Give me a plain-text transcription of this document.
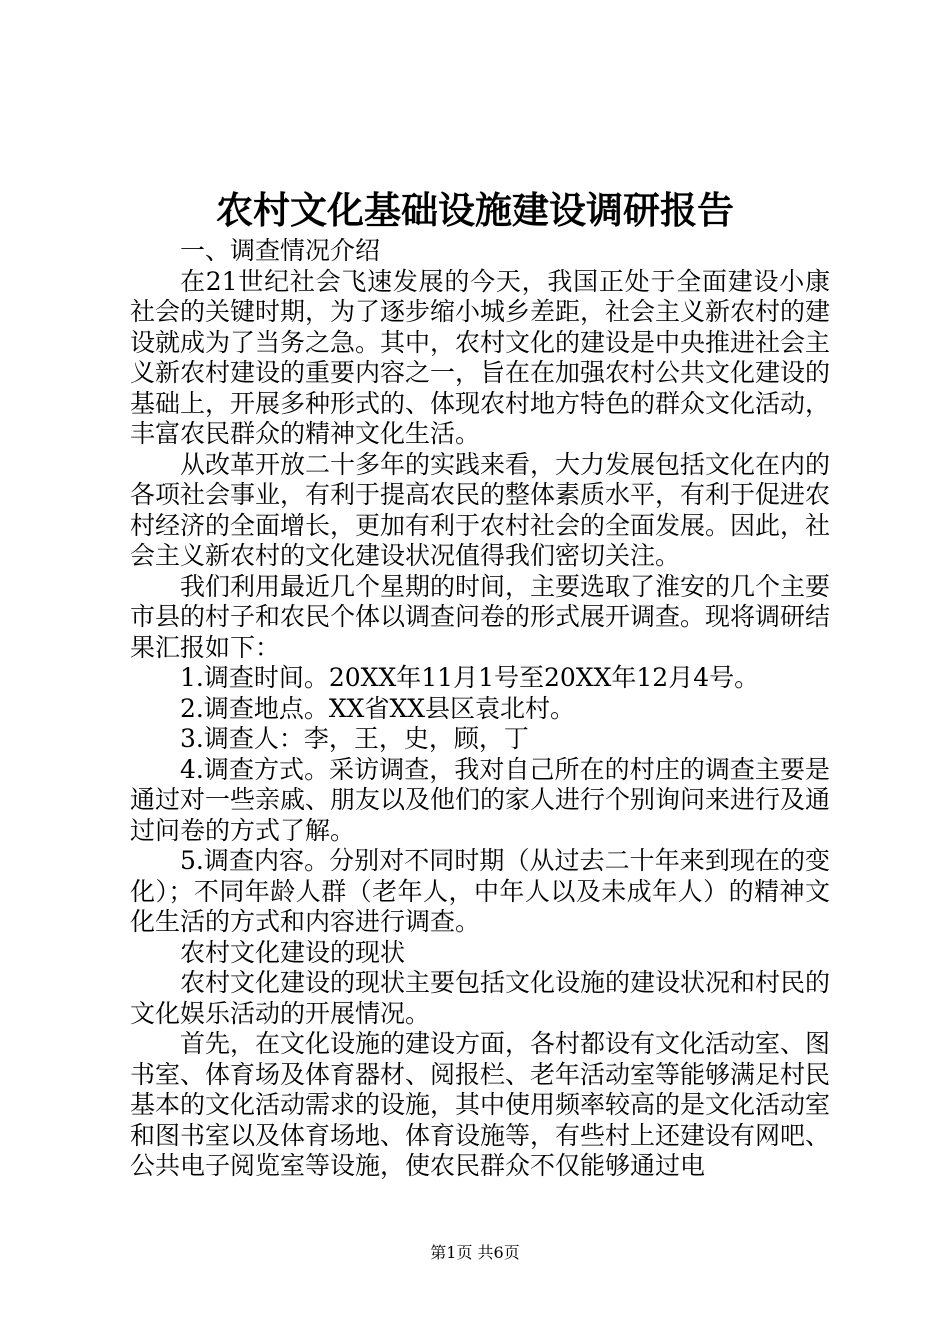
农村文化基础设施建设调研报告

一、调查情况介绍

在21世纪社会飞速发展的今天，我国正处于全面建设小康社会的关键时期，为了逐步缩小城乡差距，社会主义新农村的建设就成为了当务之急。其中，农村文化的建设是中央推进社会主义新农村建设的重要内容之一，旨在在加强农村公共文化建设的基础上，开展多种形式的、体现农村地方特色的群众文化活动，丰富农民群众的精神文化生活。

从改革开放二十多年的实践来看，大力发展包括文化在内的各项社会事业，有利于提高农民的整体素质水平，有利于促进农村经济的全面增长，更加有利于农村社会的全面发展。因此，社会主义新农村的文化建设状况值得我们密切关注。

我们利用最近几个星期的时间，主要选取了淮安的几个主要市县的村子和农民个体以调查问卷的形式展开调查。现将调研结果汇报如下：

1.调查时间。20XX年11月1号至20XX年12月4号。

2.调查地点。XX省XX县区袁北村。

3.调查人：李，王，史，顾，丁

4.调查方式。采访调查，我对自己所在的村庄的调查主要是通过对一些亲戚、朋友以及他们的家人进行个别询问来进行及通过问卷的方式了解。

5.调查内容。分别对不同时期（从过去二十年来到现在的变化）；不同年龄人群（老年人，中年人以及未成年人）的精神文化生活的方式和内容进行调查。

农村文化建设的现状

农村文化建设的现状主要包括文化设施的建设状况和村民的文化娱乐活动的开展情况。

首先，在文化设施的建设方面，各村都设有文化活动室、图书室、体育场及体育器材、阅报栏、老年活动室等能够满足村民基本的文化活动需求的设施，其中使用频率较高的是文化活动室和图书室以及体育场地、体育设施等，有些村上还建设有网吧、公共电子阅览室等设施，使农民群众不仅能够通过电

第1页 共6页
